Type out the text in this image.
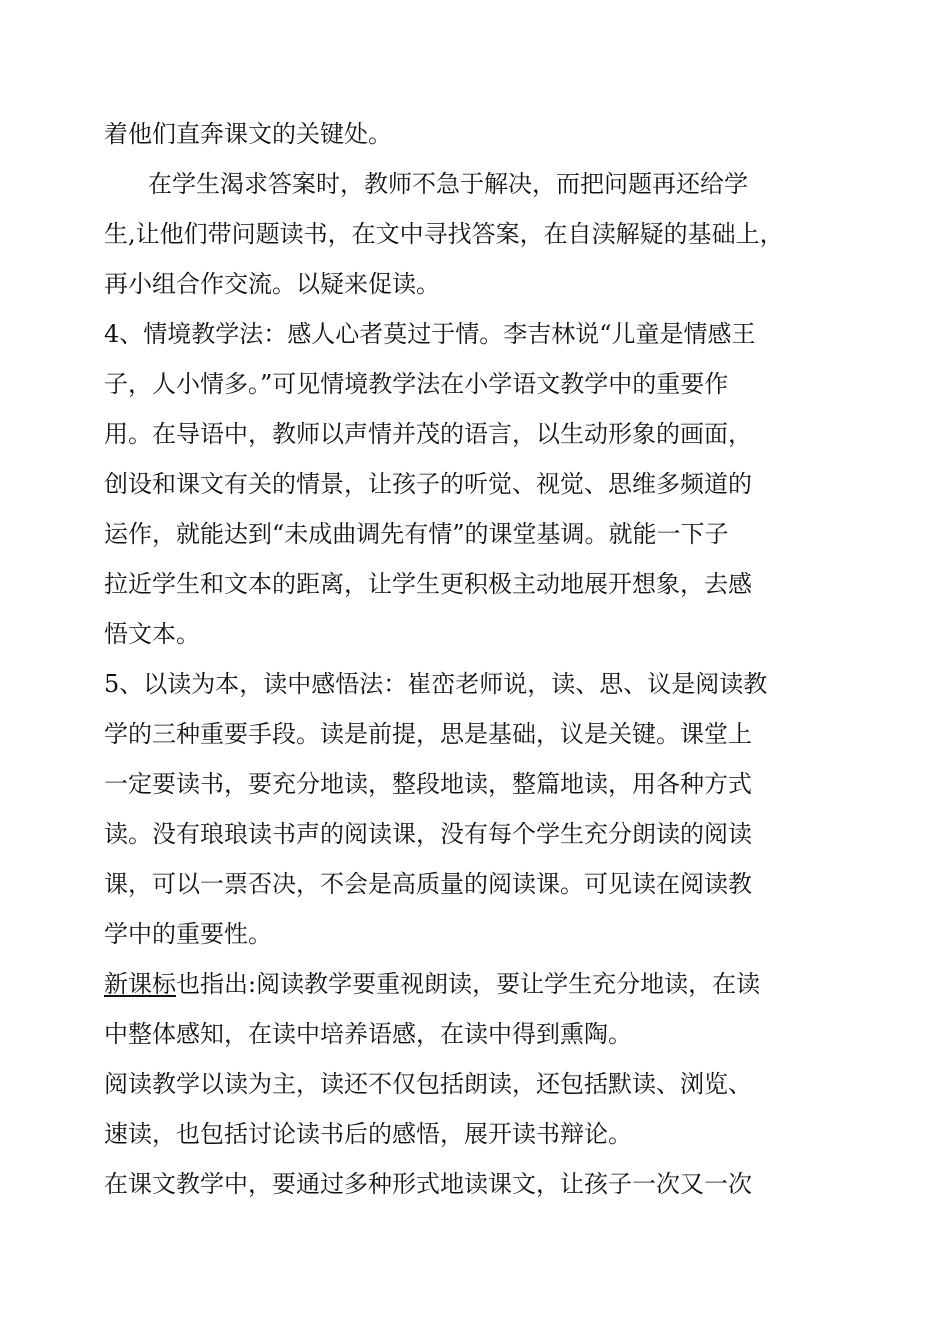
着他们直奔课文的关键处。
在学生渴求答案时，教师不急于解决，而把问题再还给学
生,让他们带问题读书，在文中寻找答案，在自渎解疑的基础上，
再小组合作交流。以疑来促读。
4、情境教学法：感人心者莫过于情。李吉林说“儿童是情感王
子，人小情多。”可见情境教学法在小学语文教学中的重要作
用。在导语中，教师以声情并茂的语言，以生动形象的画面，
创设和课文有关的情景，让孩子的听觉、视觉、思维多频道的
运作，就能达到“未成曲调先有情”的课堂基调。就能一下子
拉近学生和文本的距离，让学生更积极主动地展开想象，去感
悟文本。
5、以读为本，读中感悟法：崔峦老师说，读、思、议是阅读教
学的三种重要手段。读是前提，思是基础，议是关键。课堂上
一定要读书，要充分地读，整段地读，整篇地读，用各种方式
读。没有琅琅读书声的阅读课，没有每个学生充分朗读的阅读
课，可以一票否决，不会是高质量的阅读课。可见读在阅读教
学中的重要性。
新课标也指出:阅读教学要重视朗读，要让学生充分地读，在读
中整体感知，在读中培养语感，在读中得到熏陶。
阅读教学以读为主，读还不仅包括朗读，还包括默读、浏览、
速读，也包括讨论读书后的感悟，展开读书辩论。
在课文教学中，要通过多种形式地读课文，让孩子一次又一次
